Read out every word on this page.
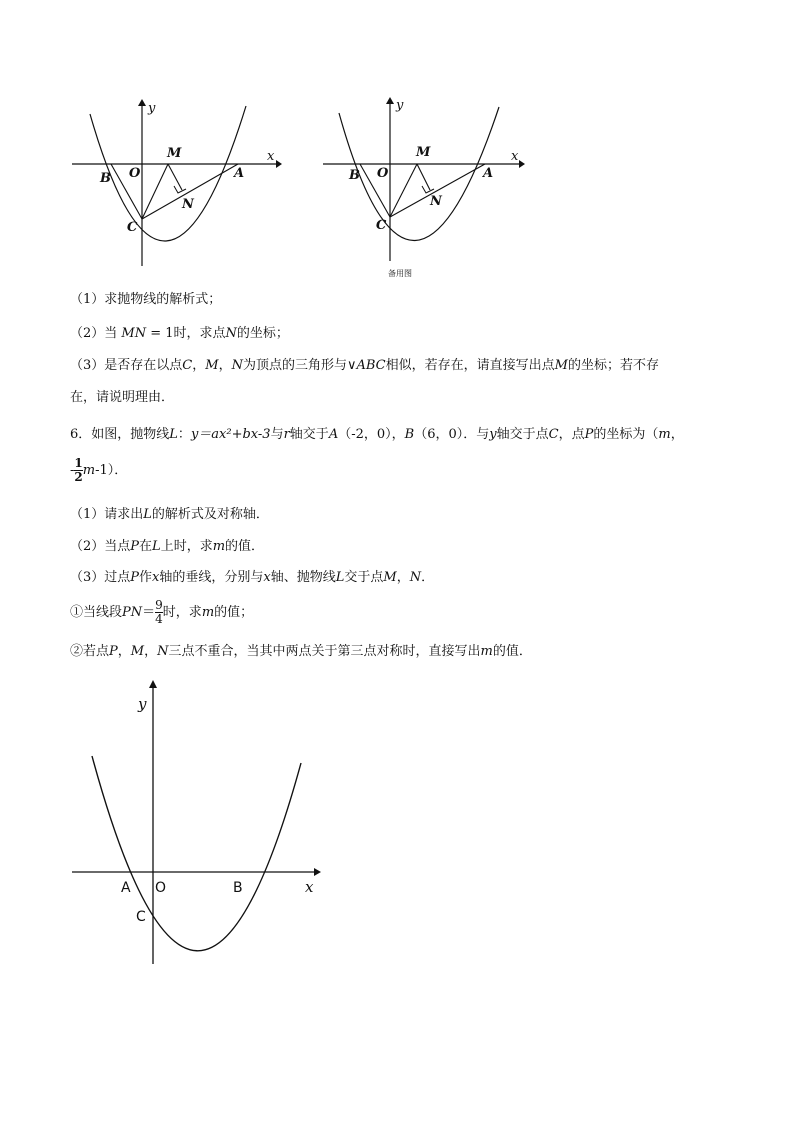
y
x
M
O
B	A
N
C
y
x
M
O
B	A
N
C
备用图
（1）求抛物线的解析式；
（2）当 MN = 1时，求点N的坐标；
（3）是否存在以点C，M，N为顶点的三角形与∨ABC相似，若存在，请直接写出点M的坐标；若不存
在，请说明理由．
6．如图，抛物线L：y＝ax²+bx-3与r轴交于A（-2，0），B（6，0）．与y轴交于点C，点P的坐标为（m，
- $\frac{1}{2} m-1$）．
（1）请求出L的解析式及对称轴．
（2）当点P在L上时，求m的值．
（3）过点P作x轴的垂线，分别与x轴、抛物线L交于点M，N．
①当线段$PN= \frac{9}{4}$ 时，求m的值；
②若点P，M，N三点不重合，当其中两点关于第三点对称时，直接写出m的值．
y
x
A O	B
C
